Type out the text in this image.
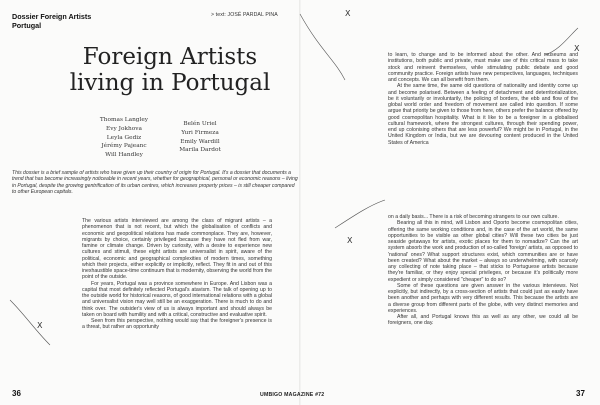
Dossier Foreign Artists
Portugal
> text: JOSÉ PARDAL PINA	X
X
X
X
Foreign Artists
living in Portugal
Thomas Langley
Evy Jokhova
Leyla Gediz
Jérémy Pajeanc
Will Handley
Belén Uriel
Yuri Firmeza
Emily Wardill
Marila Dardot
This dossier is a brief sample of artists who have given up their country of origin for Portugal. It's a dossier that documents a trend that has become increasingly noticeable in recent years, whether for geographical, personal or economic reasons – living in Portugal, despite the growing gentrification of its urban centres, which increases property prices – is still cheaper compared to other European capitals.

The various artists interviewed are among the class of migrant artists – a phenomenon that is not recent, but which the globalisation of conflicts and economic and geopolitical relations has made commonplace. They are, however, migrants by choice, certainly privileged because they have not fled from war, famine or climate change. Driven by curiosity, with a desire to experience new cultures and stimuli, these eight artists are universalist in spirit, aware of the political, economic and geographical complexities of modern times, something which their projects, either explicitly or implicitly, reflect. They fit in and out of this inexhaustible space-time continuum that is modernity, observing the world from the point of the outside.

For years, Portugal was a province somewhere in Europe. And Lisbon was a capital that most definitely reflected Portugal's atavism. The talk of opening up to the outside world for historical reasons, of good international relations with a global and universalist vision may well still be an exaggeration. There is much to do and think over. The outsider's view of us is always important and should always be taken on board with humility and with a critical, constructive and evaluative spirit.

Seen from this perspective, nothing would say that the foreigner's presence is a threat, but rather an opportunity

to learn, to change and to be informed about the other. And museums and institutions, both public and private, must make use of this critical mass to take stock and reinvent themselves, while stimulating public debate and good community practice. Foreign artists have new perspectives, languages, techniques and concepts. We can all benefit from them.

At the same time, the same old questions of nationality and identity come up and become polarised. Between a feeling of detachment and deterritorialization, be it voluntarily or involuntarily, the policing of borders, the ebb and flow of the global world order and freedom of movement are called into question. If some argue that priority be given to those from here, others prefer the balance offered by good cosmopolitan hospitality. What is it like to be a foreigner in a globalised cultural framework, where the strongest cultures, through their spending power, end up colonising others that are less powerful? We might be in Portugal, in the United Kingdom or India, but we are devouring content produced in the United States of America

on a daily basis... There is a risk of becoming strangers to our own culture.

Bearing all this in mind, will Lisbon and Oporto become cosmopolitan cities, offering the same working conditions and, in the case of the art world, the same opportunities to be visible as other global cities? Will these two cities be just seaside getaways for artists, exotic places for them to nomadize? Can the art system absorb the work and production of so-called 'foreign' artists, as opposed to 'national' ones? What support structures exist, which communities are or have been created? What about the market – always so underwhelming, with scarcely any collecting of note taking place – that sticks to Portuguese artists because they're familiar, or they enjoy special privileges, or because it's politically more expedient or simply considered "cheaper" to do so?

Some of these questions are given answer in the various interviews. Not explicitly, but indirectly, by a cross-section of artists that could just as easily have been another and perhaps with very different results. This because the artists are a diverse group from different parts of the globe, with very distinct memories and experiences.

After all, and Portugal knows this as well as any other, we could all be foreigners, one day.

36	UMBIGO MAGAZINE #72	37
